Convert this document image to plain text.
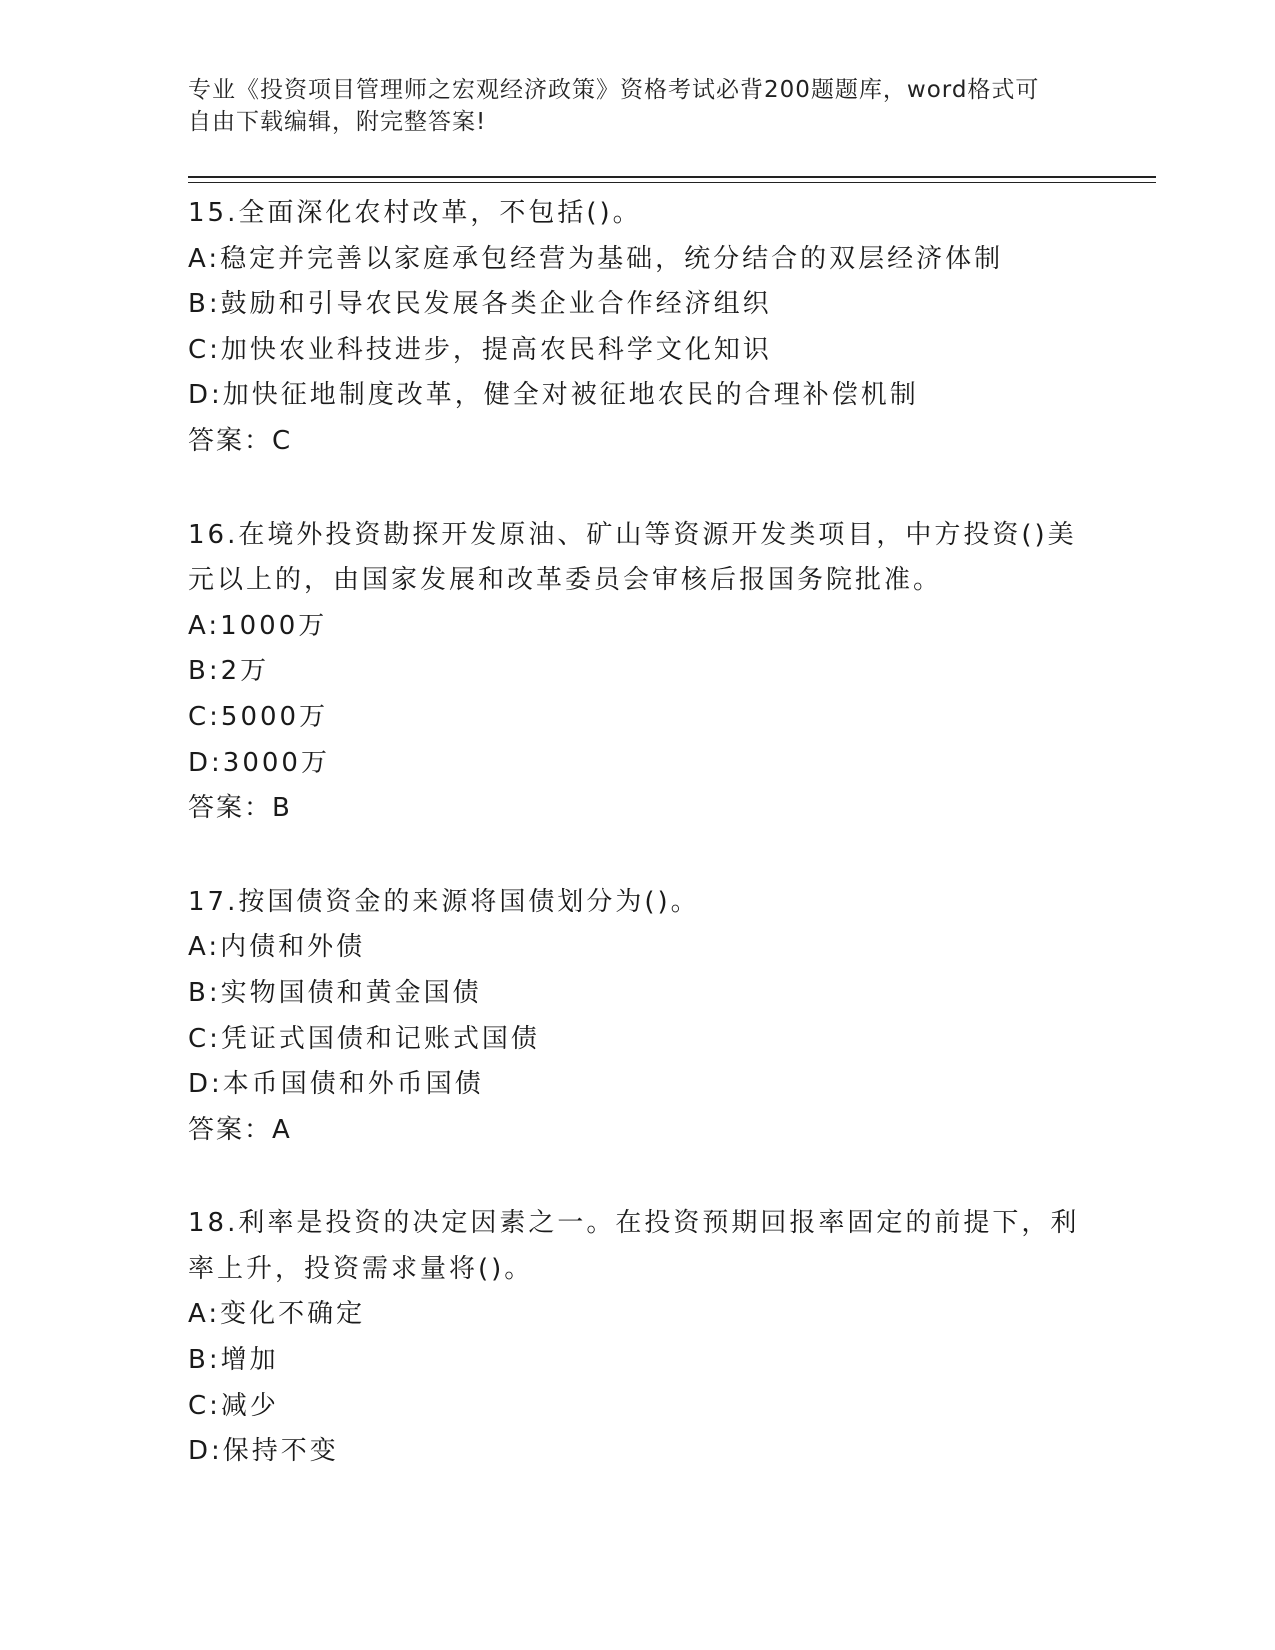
专业《投资项目管理师之宏观经济政策》资格考试必背200题题库，word格式可
自由下载编辑，附完整答案!
15.全面深化农村改革，不包括()。
A:稳定并完善以家庭承包经营为基础，统分结合的双层经济体制
B:鼓励和引导农民发展各类企业合作经济组织
C:加快农业科技进步，提高农民科学文化知识
D:加快征地制度改革，健全对被征地农民的合理补偿机制
答案：C
16.在境外投资勘探开发原油、矿山等资源开发类项目，中方投资()美
元以上的，由国家发展和改革委员会审核后报国务院批准。
A:1000万
B:2万
C:5000万
D:3000万
答案：B
17.按国债资金的来源将国债划分为()。
A:内债和外债
B:实物国债和黄金国债
C:凭证式国债和记账式国债
D:本币国债和外币国债
答案：A
18.利率是投资的决定因素之一。在投资预期回报率固定的前提下，利
率上升，投资需求量将()。
A:变化不确定
B:增加
C:减少
D:保持不变
